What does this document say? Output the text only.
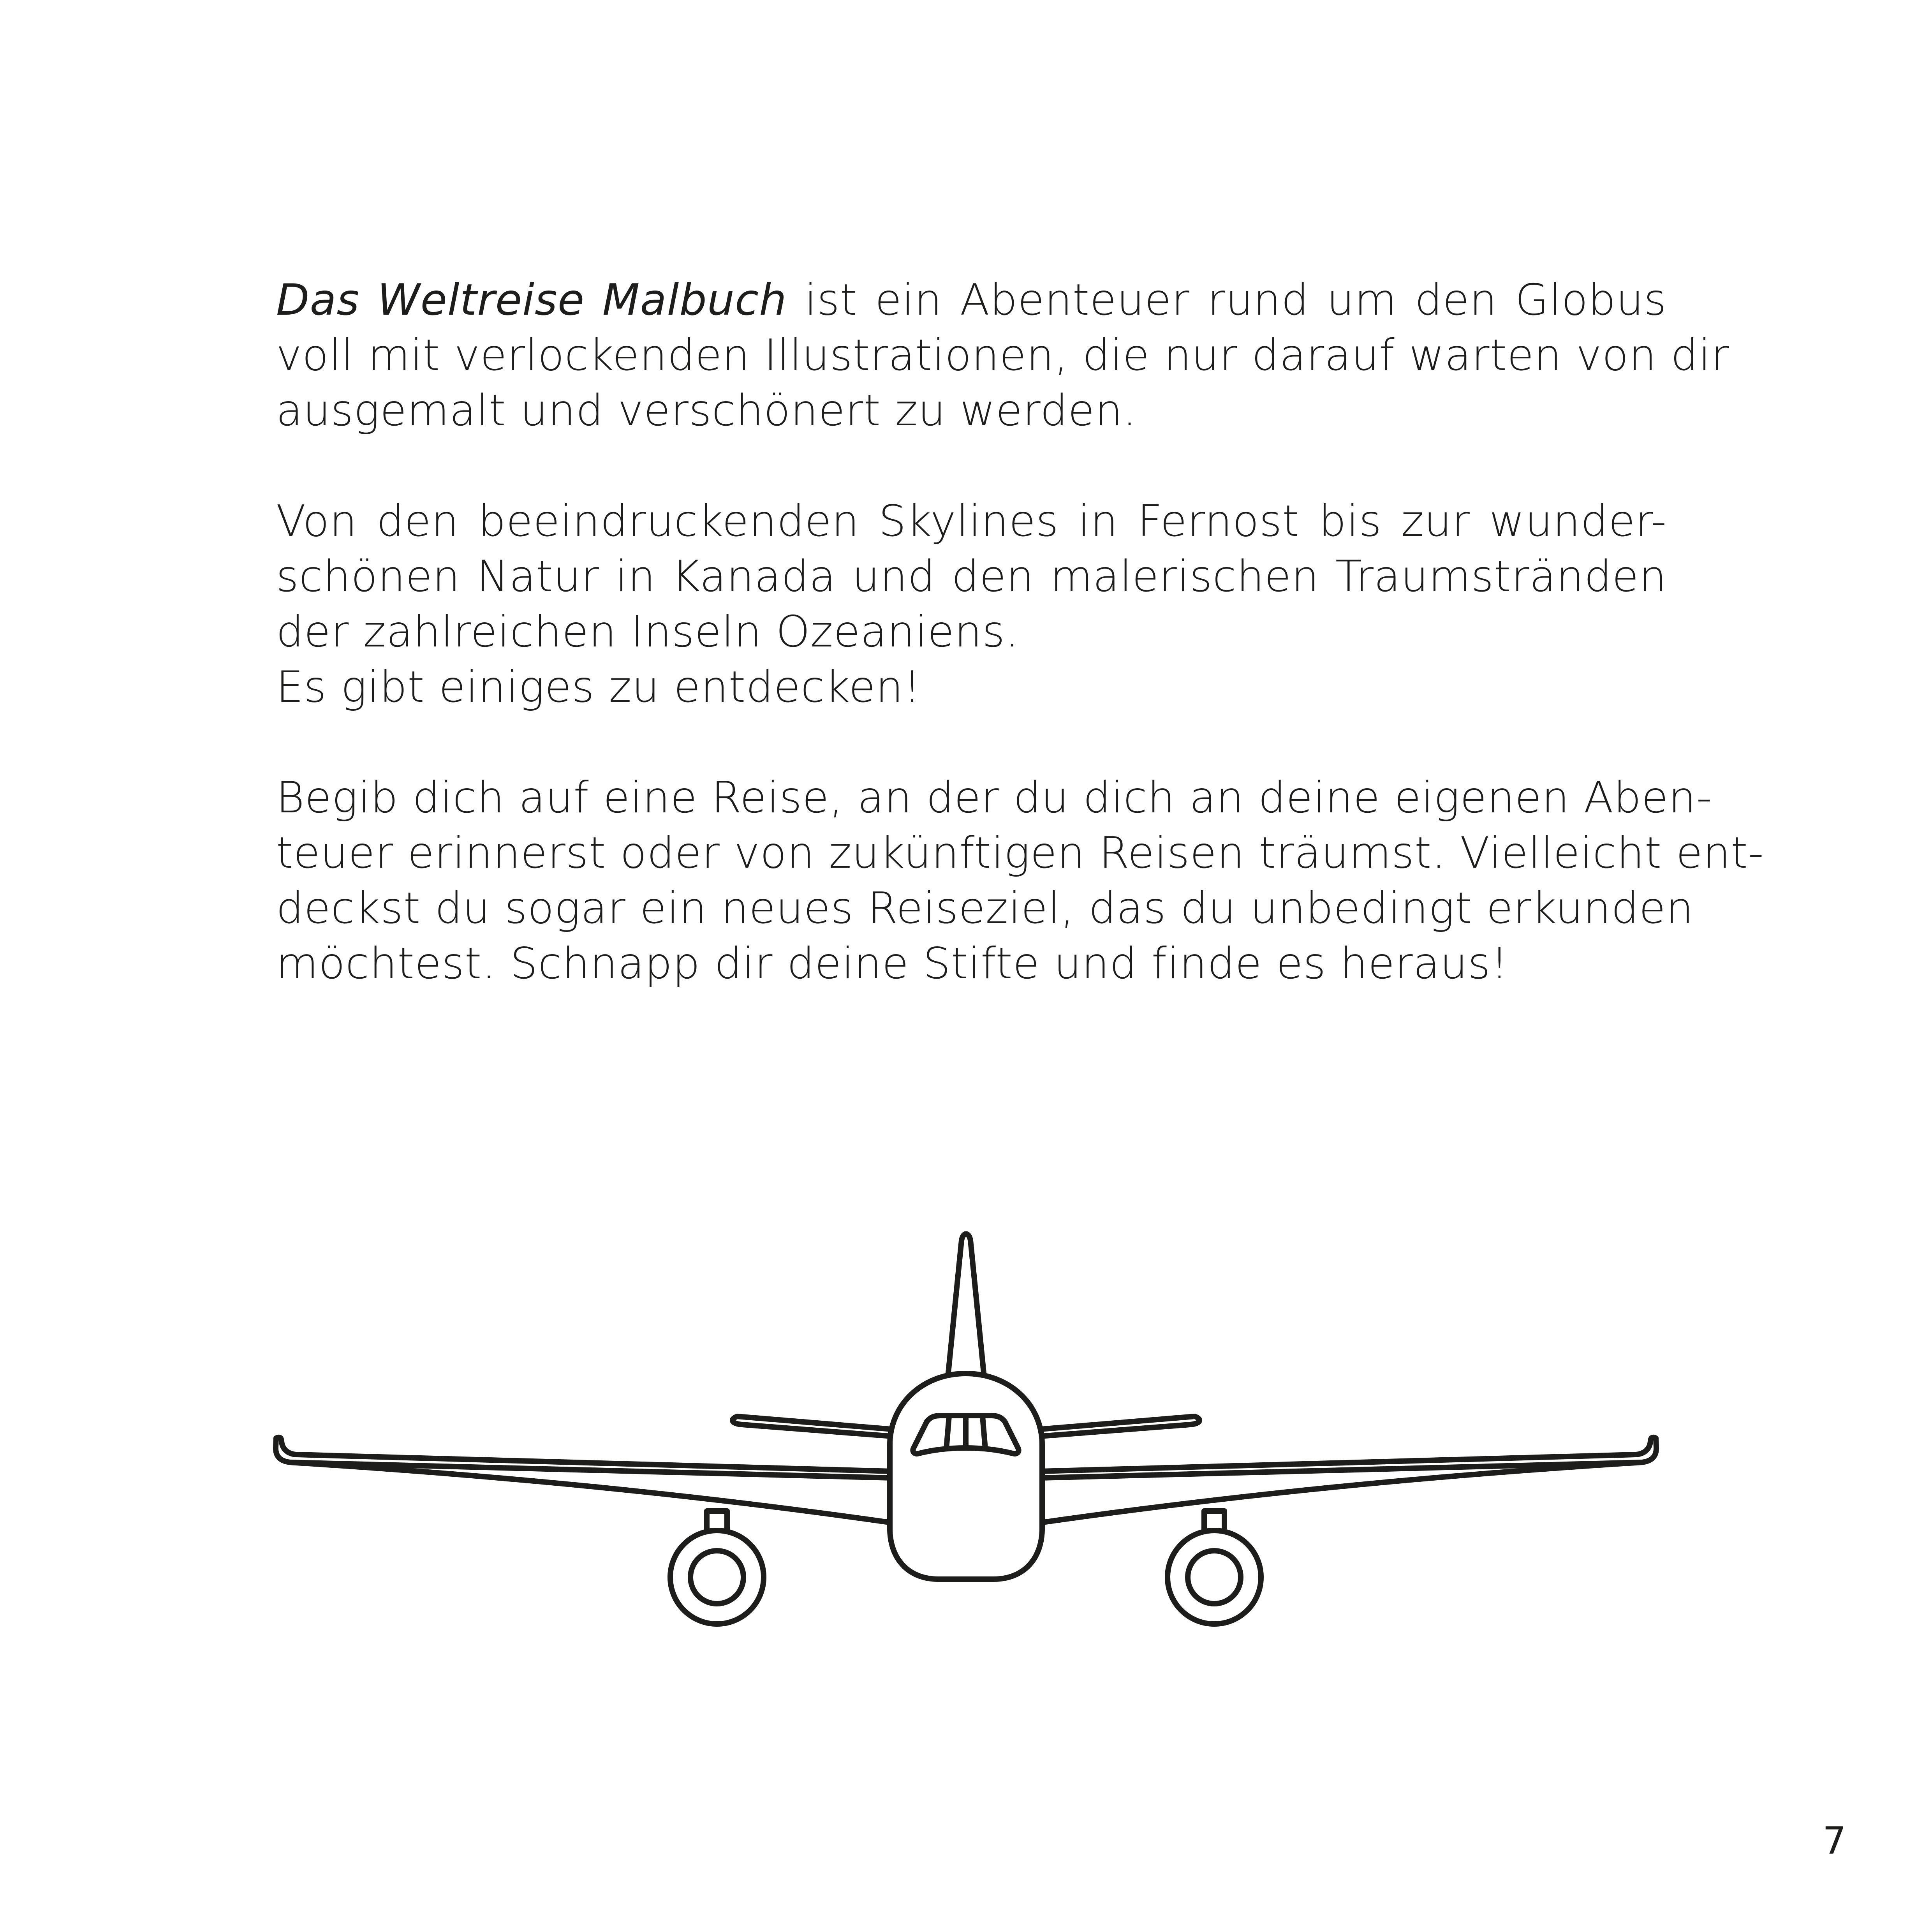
Das Weltreise Malbuch ist ein Abenteuer rund um den Globus
voll mit verlockenden Illustrationen, die nur darauf warten von dir
ausgemalt und verschönert zu werden.

Von den beeindruckenden Skylines in Fernost bis zur wunder-
schönen Natur in Kanada und den malerischen Traumstränden
der zahlreichen Inseln Ozeaniens.
Es gibt einiges zu entdecken!

Begib dich auf eine Reise, an der du dich an deine eigenen Aben-
teuer erinnerst oder von zukünftigen Reisen träumst. Vielleicht ent-
deckst du sogar ein neues Reiseziel, das du unbedingt erkunden
möchtest. Schnapp dir deine Stifte und finde es heraus!

7
